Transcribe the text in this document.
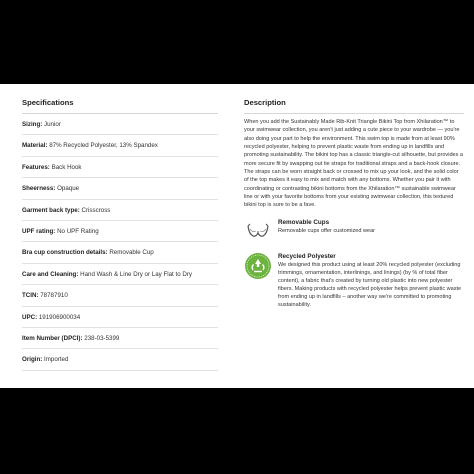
Specifications
Sizing: Junior
Material: 87% Recycled Polyester, 13% Spandex
Features: Back Hook
Sheerness: Opaque
Garment back type: Crisscross
UPF rating: No UPF Rating
Bra cup construction details: Removable Cup
Care and Cleaning: Hand Wash & Line Dry or Lay Flat to Dry
TCIN: 78787910
UPC: 191906900034
Item Number (DPCI): 238-03-5399
Origin: Imported
Description

When you add the Sustainably Made Rib-Knit Triangle Bikini Top from Xhilaration™ to your swimwear collection, you aren't just adding a cute piece to your wardrobe — you're also doing your part to help the environment. This swim top is made from at least 90% recycled polyester, helping to prevent plastic waste from ending up in landfills and promoting sustainability. The bikini top has a classic triangle-cut silhouette, but provides a more secure fit by swapping out tie straps for traditional straps and a back-hook closure. The straps can be worn straight back or crossed to mix up your look, and the solid color of the top makes it easy to mix and match with any bottoms. Whether you pair it with coordinating or contrasting bikini bottoms from the Xhilaration™ sustainable swimwear line or with your favorite bottoms from your existing swimwear collection, this textured bikini top is sure to be a fave.

Removable Cups
Removable cups offer customized wear
Recycled Polyester
We designed this product using at least 20% recycled polyester (excluding trimmings, ornamentation, interlinings, and linings) (by % of total fiber content), a fabric that's created by turning old plastic into new polyester fibers. Making products with recycled polyester helps prevent plastic waste from ending up in landfills – another way we're committed to promoting sustainability.
